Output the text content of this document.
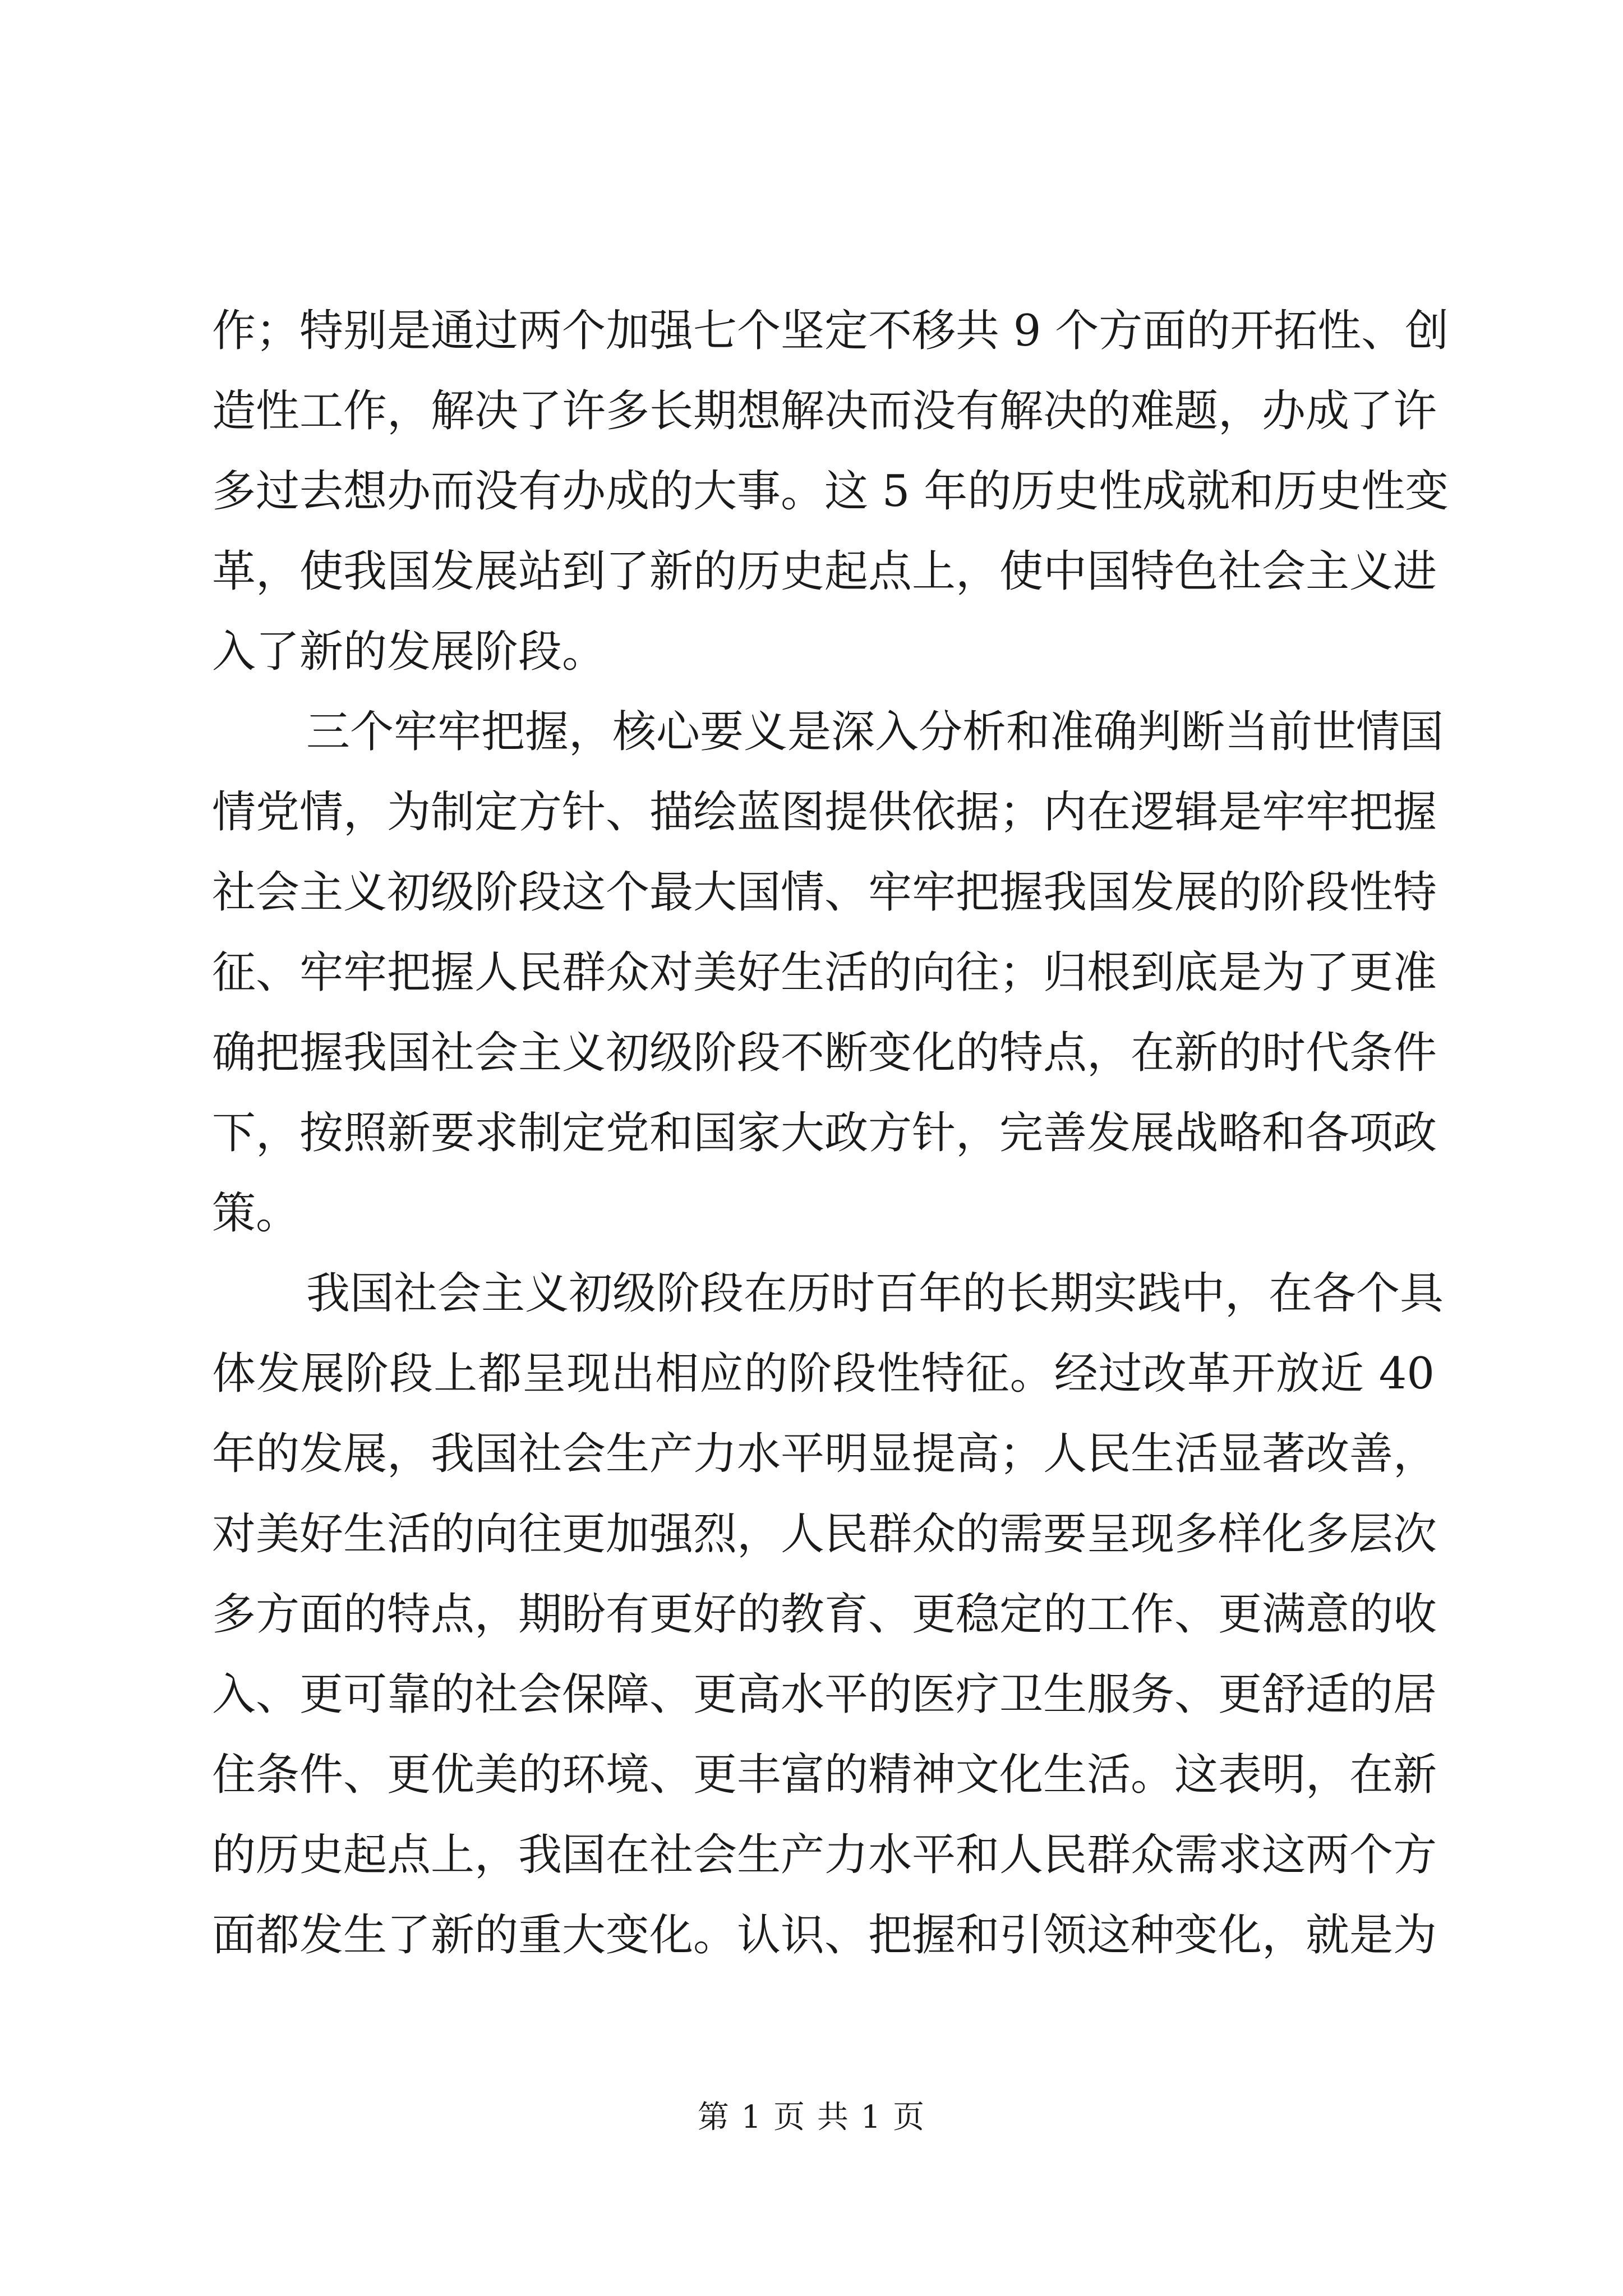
作；特别是通过两个加强七个坚定不移共 9 个方面的开拓性、创
造性工作，解决了许多长期想解决而没有解决的难题，办成了许
多过去想办而没有办成的大事。这 5 年的历史性成就和历史性变
革，使我国发展站到了新的历史起点上，使中国特色社会主义进
入了新的发展阶段。
三个牢牢把握，核心要义是深入分析和准确判断当前世情国
情党情，为制定方针、描绘蓝图提供依据；内在逻辑是牢牢把握
社会主义初级阶段这个最大国情、牢牢把握我国发展的阶段性特
征、牢牢把握人民群众对美好生活的向往；归根到底是为了更准
确把握我国社会主义初级阶段不断变化的特点，在新的时代条件
下，按照新要求制定党和国家大政方针，完善发展战略和各项政
策。
我国社会主义初级阶段在历时百年的长期实践中，在各个具
体发展阶段上都呈现出相应的阶段性特征。经过改革开放近 40
年的发展，我国社会生产力水平明显提高；人民生活显著改善，
对美好生活的向往更加强烈，人民群众的需要呈现多样化多层次
多方面的特点，期盼有更好的教育、更稳定的工作、更满意的收
入、更可靠的社会保障、更高水平的医疗卫生服务、更舒适的居
住条件、更优美的环境、更丰富的精神文化生活。这表明，在新
的历史起点上，我国在社会生产力水平和人民群众需求这两个方
面都发生了新的重大变化。认识、把握和引领这种变化，就是为
第 1 页 共 1 页
